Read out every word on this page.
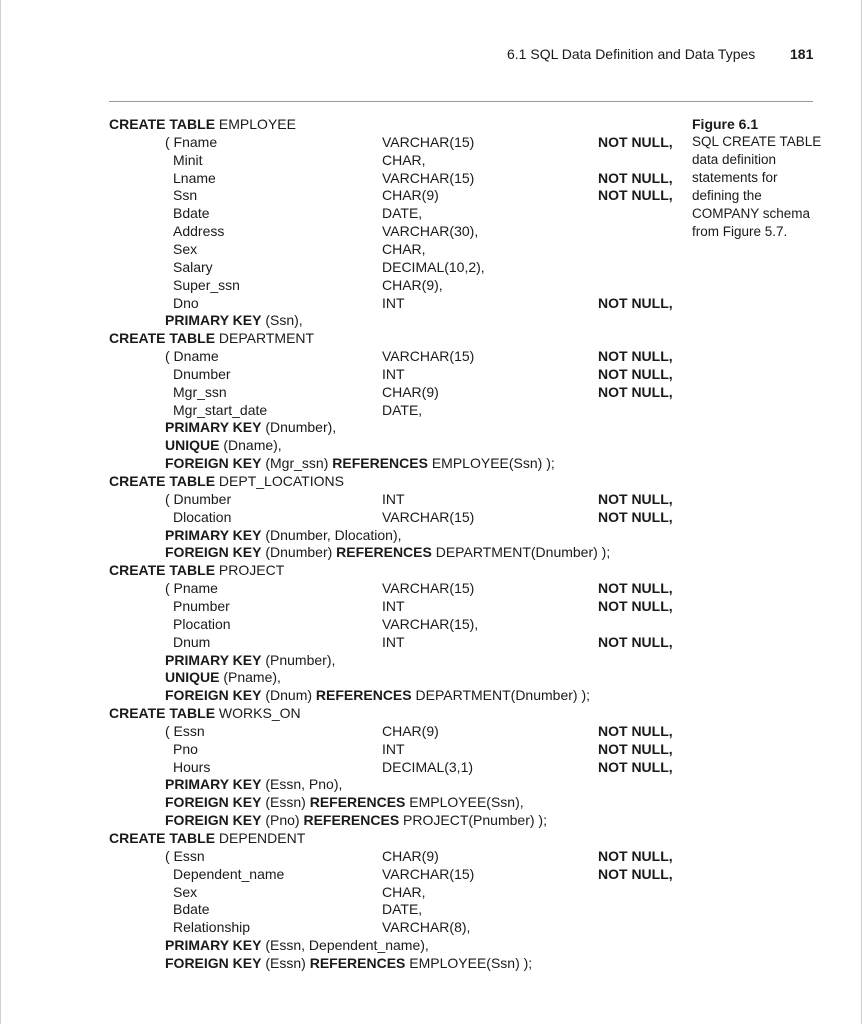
6.1 SQL Data Definition and Data Types 181
CREATE TABLE EMPLOYEE
( Fname	VARCHAR(15)	NOT NULL,
Minit	CHAR,
Lname	VARCHAR(15)	NOT NULL,
Ssn	CHAR(9)	NOT NULL,
Bdate	DATE,
Address	VARCHAR(30),
Sex	CHAR,
Salary	DECIMAL(10,2),
Super_ssn	CHAR(9),
Dno	INT	NOT NULL,
PRIMARY KEY (Ssn),
CREATE TABLE DEPARTMENT
( Dname	VARCHAR(15)	NOT NULL,
Dnumber	INT	NOT NULL,
Mgr_ssn	CHAR(9)	NOT NULL,
Mgr_start_date	DATE,
PRIMARY KEY (Dnumber),
UNIQUE (Dname),
FOREIGN KEY (Mgr_ssn) REFERENCES EMPLOYEE(Ssn) );
CREATE TABLE DEPT_LOCATIONS
( Dnumber	INT	NOT NULL,
Dlocation	VARCHAR(15)	NOT NULL,
PRIMARY KEY (Dnumber, Dlocation),
FOREIGN KEY (Dnumber) REFERENCES DEPARTMENT(Dnumber) );
CREATE TABLE PROJECT
( Pname	VARCHAR(15)	NOT NULL,
Pnumber	INT	NOT NULL,
Plocation	VARCHAR(15),
Dnum	INT	NOT NULL,
PRIMARY KEY (Pnumber),
UNIQUE (Pname),
FOREIGN KEY (Dnum) REFERENCES DEPARTMENT(Dnumber) );
CREATE TABLE WORKS_ON
( Essn	CHAR(9)	NOT NULL,
Pno	INT	NOT NULL,
Hours	DECIMAL(3,1)	NOT NULL,
PRIMARY KEY (Essn, Pno),
FOREIGN KEY (Essn) REFERENCES EMPLOYEE(Ssn),
FOREIGN KEY (Pno) REFERENCES PROJECT(Pnumber) );
CREATE TABLE DEPENDENT
( Essn	CHAR(9)	NOT NULL,
Dependent_name	VARCHAR(15)	NOT NULL,
Sex	CHAR,
Bdate	DATE,
Relationship	VARCHAR(8),
PRIMARY KEY (Essn, Dependent_name),
FOREIGN KEY (Essn) REFERENCES EMPLOYEE(Ssn) );
Figure 6.1
SQL CREATE TABLE data definition statements for defining the COMPANY schema from Figure 5.7.
